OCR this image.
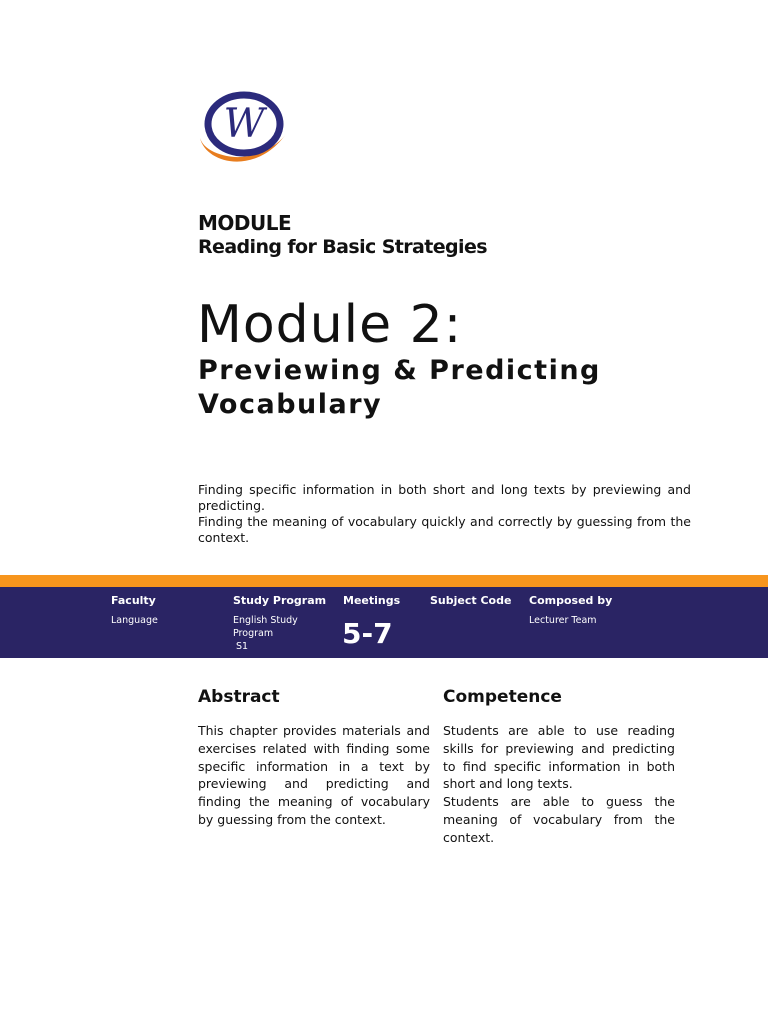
W
MODULE
Reading for Basic Strategies
Module 2:
Previewing & Predicting
Vocabulary

Finding specific information in both short and long texts by previewing and predicting.

Finding the meaning of vocabulary quickly and correctly by guessing from the context.

Faculty
Language
Study Program
English Study
Program
S1
Meetings
5-7
Subject Code Composed by
Lecturer Team
Abstract

This chapter provides materials and exercises related with finding some specific information in a text by previewing and predicting and finding the meaning of vocabulary by guessing from the context.

Competence

Students are able to use reading skills for previewing and predicting to find specific information in both short and long texts.

Students are able to guess the meaning of vocabulary from the context.
